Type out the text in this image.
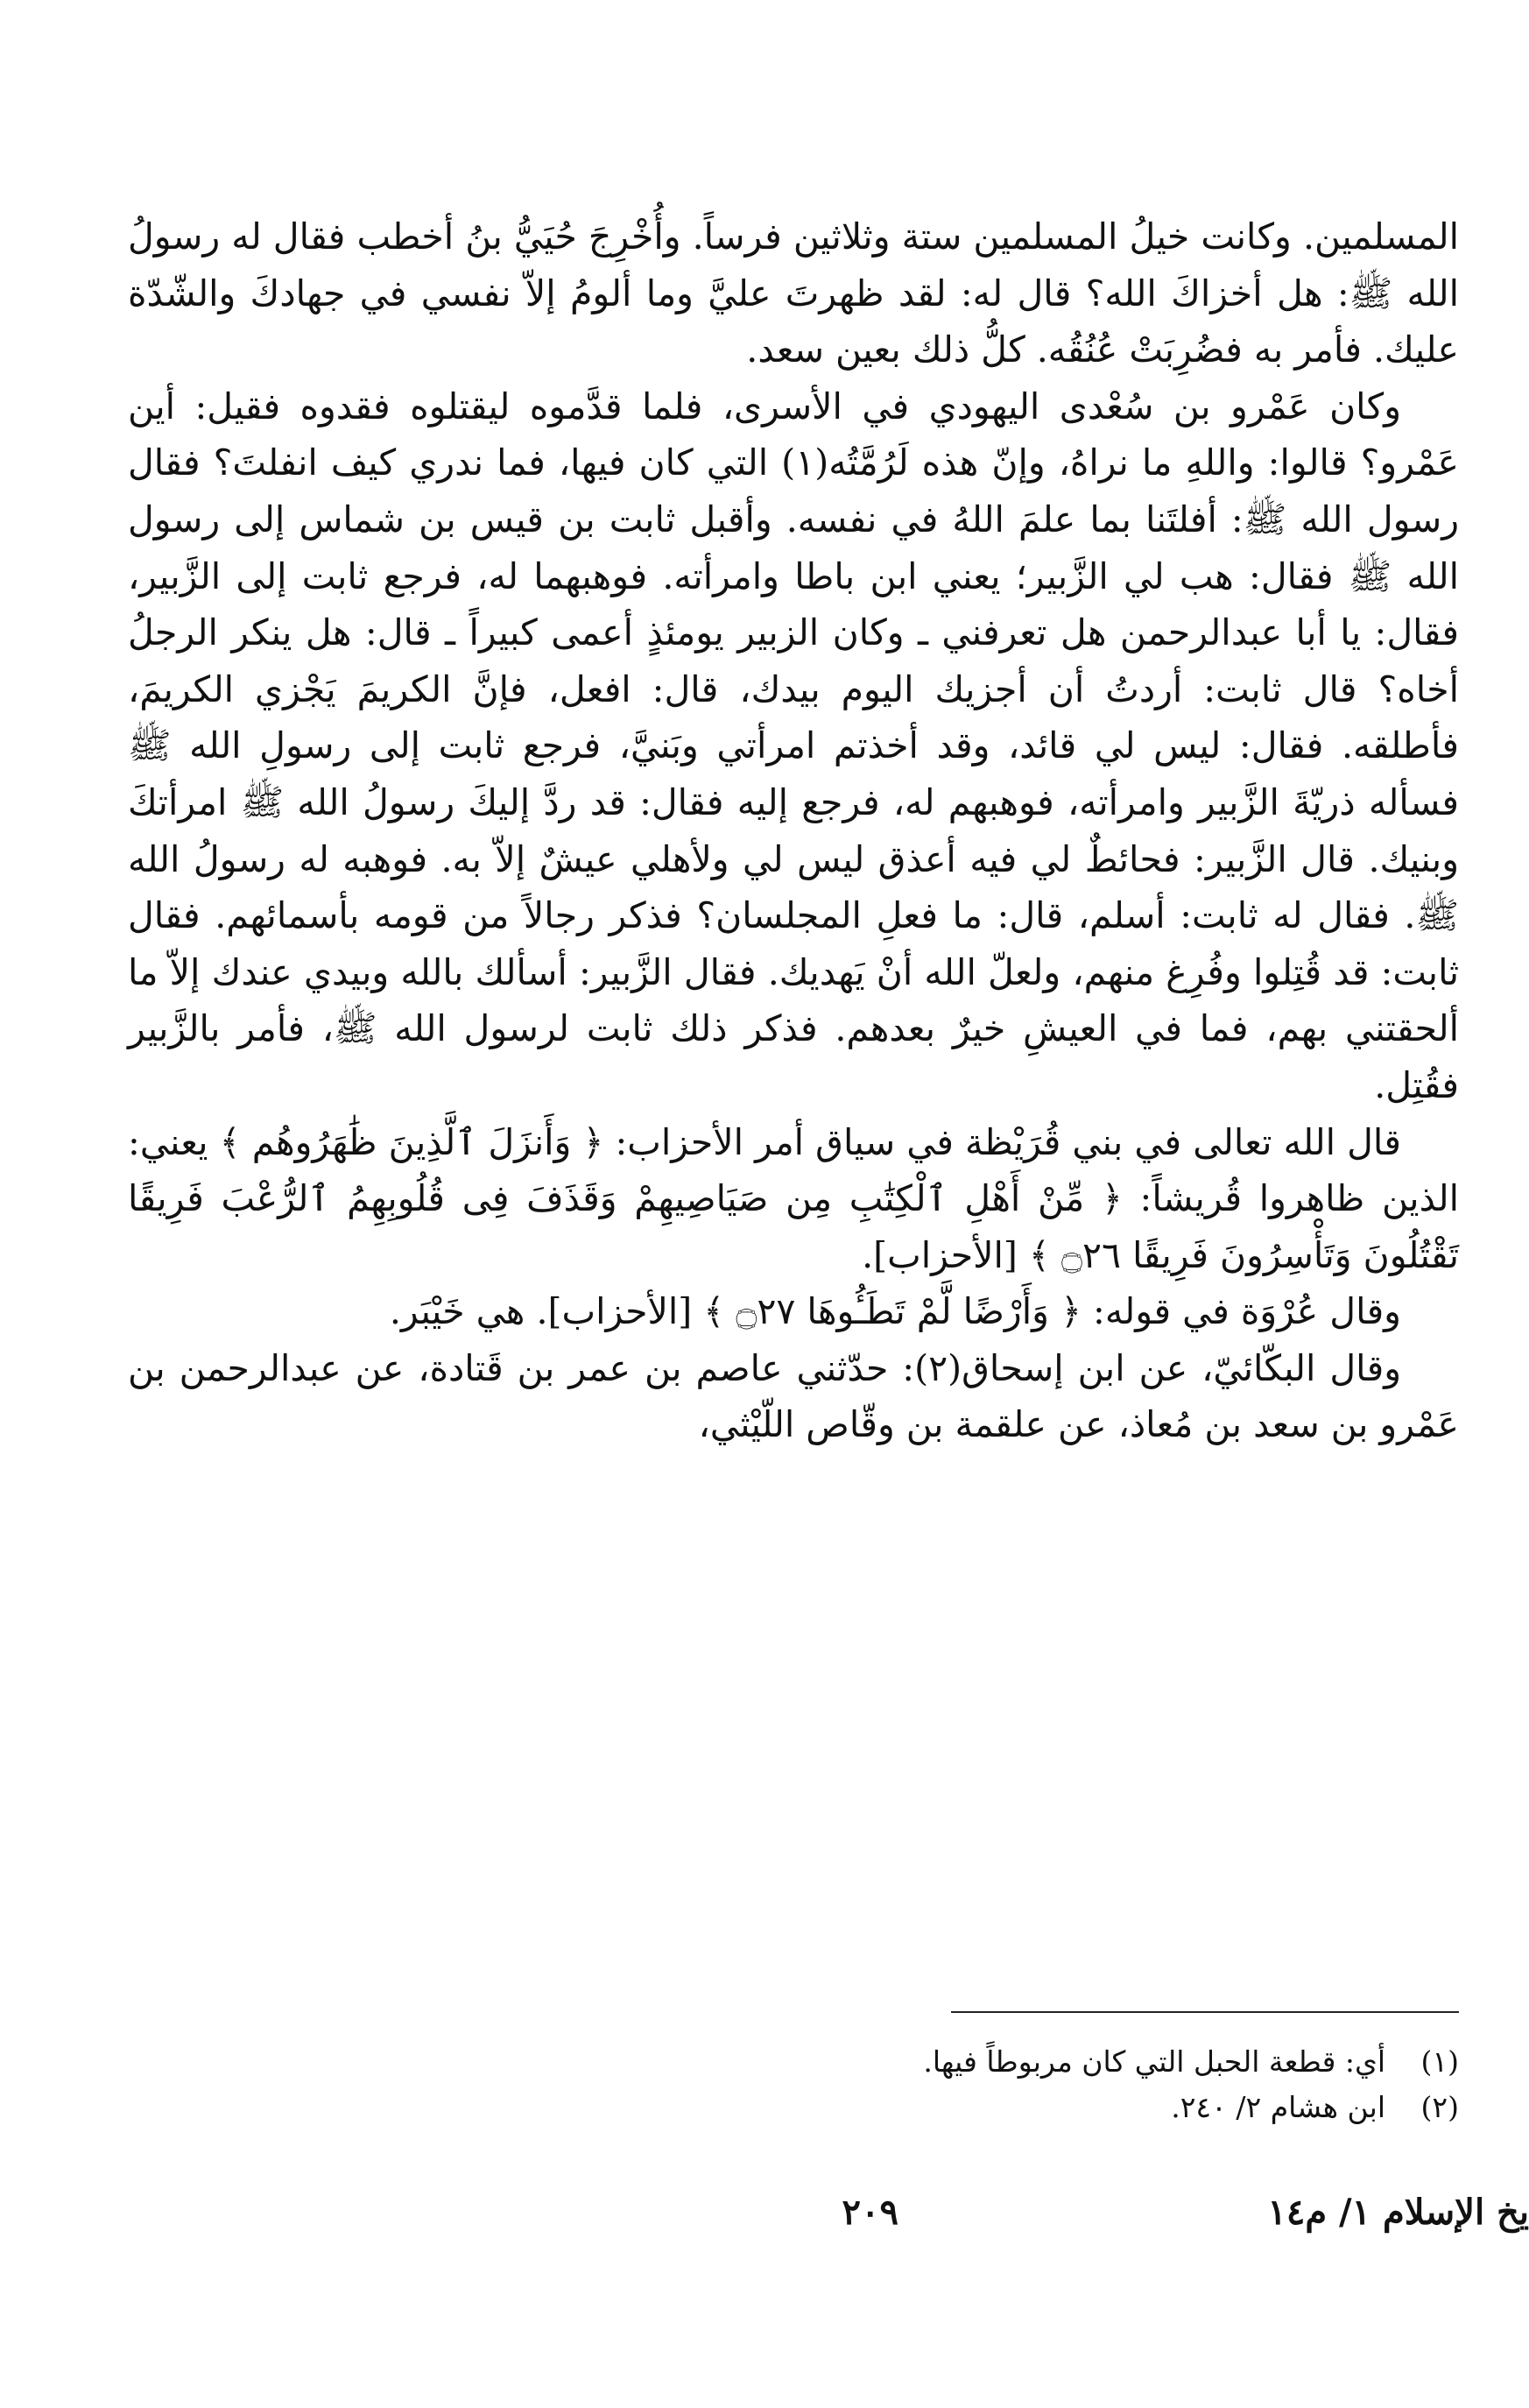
المسلمين. وكانت خيلُ المسلمين ستة وثلاثين فرساً. وأُخْرِجَ حُيَيُّ بنُ أخطب فقال له رسولُ الله ﷺ: هل أخزاكَ الله؟ قال له: لقد ظهرتَ عليَّ وما ألومُ إلاّ نفسي في جهادكَ والشّدّة عليك. فأمر به فضُرِبَتْ عُنُقُه. كلُّ ذلك بعين سعد.

وكان عَمْرو بن سُعْدى اليهودي في الأسرى، فلما قدَّموه ليقتلوه فقدوه فقيل: أين عَمْرو؟ قالوا: واللهِ ما نراهُ، وإنّ هذه لَرُمَّتُه(١) التي كان فيها، فما ندري كيف انفلتَ؟ فقال رسول الله ﷺ: أفلتَنا بما علمَ اللهُ في نفسه. وأقبل ثابت بن قيس بن شماس إلى رسول الله ﷺ فقال: هب لي الزَّبير؛ يعني ابن باطا وامرأته. فوهبهما له، فرجع ثابت إلى الزَّبير، فقال: يا أبا عبدالرحمن هل تعرفني ـ وكان الزبير يومئذٍ أعمى كبيراً ـ قال: هل ينكر الرجلُ أخاه؟ قال ثابت: أردتُ أن أجزيك اليوم بيدك، قال: افعل، فإنَّ الكريمَ يَجْزي الكريمَ، فأطلقه. فقال: ليس لي قائد، وقد أخذتم امرأتي وبَنيَّ، فرجع ثابت إلى رسولِ الله ﷺ فسأله ذريّةَ الزَّبير وامرأته، فوهبهم له، فرجع إليه فقال: قد ردَّ إليكَ رسولُ الله ﷺ امرأتكَ وبنيك. قال الزَّبير: فحائطٌ لي فيه أعذق ليس لي ولأهلي عيشٌ إلاّ به. فوهبه له رسولُ الله ﷺ. فقال له ثابت: أسلم، قال: ما فعلِ المجلسان؟ فذكر رجالاً من قومه بأسمائهم. فقال ثابت: قد قُتِلوا وفُرِغ منهم، ولعلّ الله أنْ يَهديك. فقال الزَّبير: أسألك بالله وبيدي عندك إلاّ ما ألحقتني بهم، فما في العيشِ خيرٌ بعدهم. فذكر ذلك ثابت لرسول الله ﷺ، فأمر بالزَّبير فقُتِل.

قال الله تعالى في بني قُرَيْظة في سياق أمر الأحزاب: ﴿ وَأَنزَلَ ٱلَّذِينَ ظَٰهَرُوهُم ﴾ يعني: الذين ظاهروا قُريشاً: ﴿ مِّنْ أَهْلِ ٱلْكِتَٰبِ مِن صَيَاصِيهِمْ وَقَذَفَ فِى قُلُوبِهِمُ ٱلرُّعْبَ فَرِيقًا تَقْتُلُونَ وَتَأْسِرُونَ فَرِيقًا ۝٢٦ ﴾ [الأحزاب].

وقال عُرْوَة في قوله: ﴿ وَأَرْضًا لَّمْ تَطَـُٔوهَا ۝٢٧ ﴾ [الأحزاب]. هي خَيْبَر.

وقال البكّائيّ، عن ابن إسحاق(٢): حدّثني عاصم بن عمر بن قَتادة، عن عبدالرحمن بن عَمْرو بن سعد بن مُعاذ، عن علقمة بن وقّاص اللّيْثي،

(١)
أي: قطعة الحبل التي كان مربوطاً فيها.
(٢)
ابن هشام ٢/ ٢٤٠.
يخ الإسلام ١/ م١٤
٢٠٩
